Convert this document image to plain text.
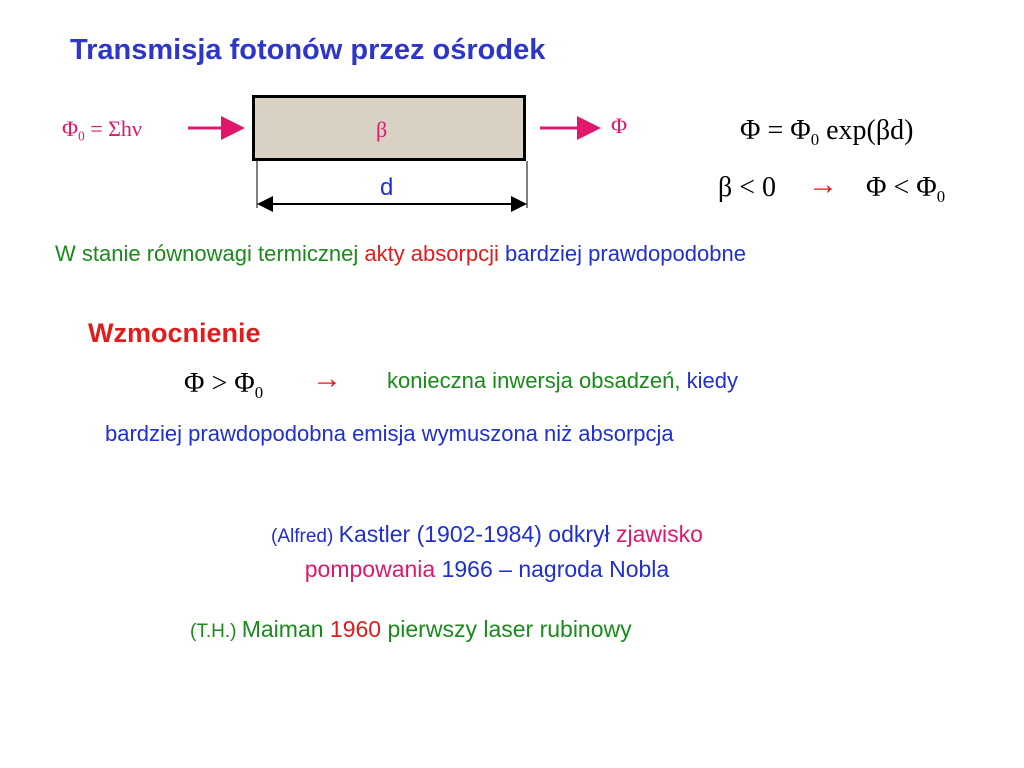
Transmisja fotonów przez ośrodek
$\Phi_0 = \Sigma h\nu$	β	Φ
d
$\Phi = \Phi_0$ exp(βd)
$\beta < 0 \to \Phi < \Phi_0$
W stanie równowagi termicznej akty absorpcji bardziej prawdopodobne
Wzmocnienie
$\Phi > \Phi_0$ → konieczna inwersja obsadzeń, kiedy
bardziej prawdopodobna emisja wymuszona niż absorpcja
(Alfred) Kastler (1902-1984) odkrył zjawisko
pompowania 1966 – nagroda Nobla
(T.H.) Maiman 1960 pierwszy laser rubinowy
